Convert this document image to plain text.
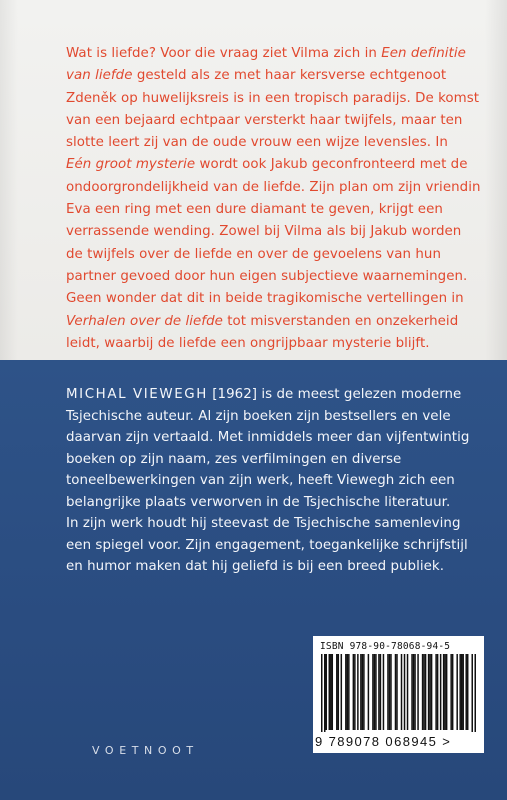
Wat is liefde? Voor die vraag ziet Vilma zich in Een definitie
van liefde gesteld als ze met haar kersverse echtgenoot
Zdeněk op huwelijksreis is in een tropisch paradijs. De komst
van een bejaard echtpaar versterkt haar twijfels, maar ten
slotte leert zij van de oude vrouw een wijze levensles. In
Eén groot mysterie wordt ook Jakub geconfronteerd met de
ondoorgrondelijkheid van de liefde. Zijn plan om zijn vriendin
Eva een ring met een dure diamant te geven, krijgt een
verrassende wending. Zowel bij Vilma als bij Jakub worden
de twijfels over de liefde en over de gevoelens van hun
partner gevoed door hun eigen subjectieve waarnemingen.
Geen wonder dat dit in beide tragikomische vertellingen in
Verhalen over de liefde tot misverstanden en onzekerheid
leidt, waarbij de liefde een ongrijpbaar mysterie blijft.

MICHAL VIEWEGH [1962] is de meest gelezen moderne
Tsjechische auteur. Al zijn boeken zijn bestsellers en vele
daarvan zijn vertaald. Met inmiddels meer dan vijfentwintig
boeken op zijn naam, zes verfilmingen en diverse
toneelbewerkingen van zijn werk, heeft Viewegh zich een
belangrijke plaats verworven in de Tsjechische literatuur.
In zijn werk houdt hij steevast de Tsjechische samenleving
een spiegel voor. Zijn engagement, toegankelijke schrijfstijl
en humor maken dat hij geliefd is bij een breed publiek.

ISBN 978-90-78068-94-5
9 789078 068945 >
VOETNOOT
